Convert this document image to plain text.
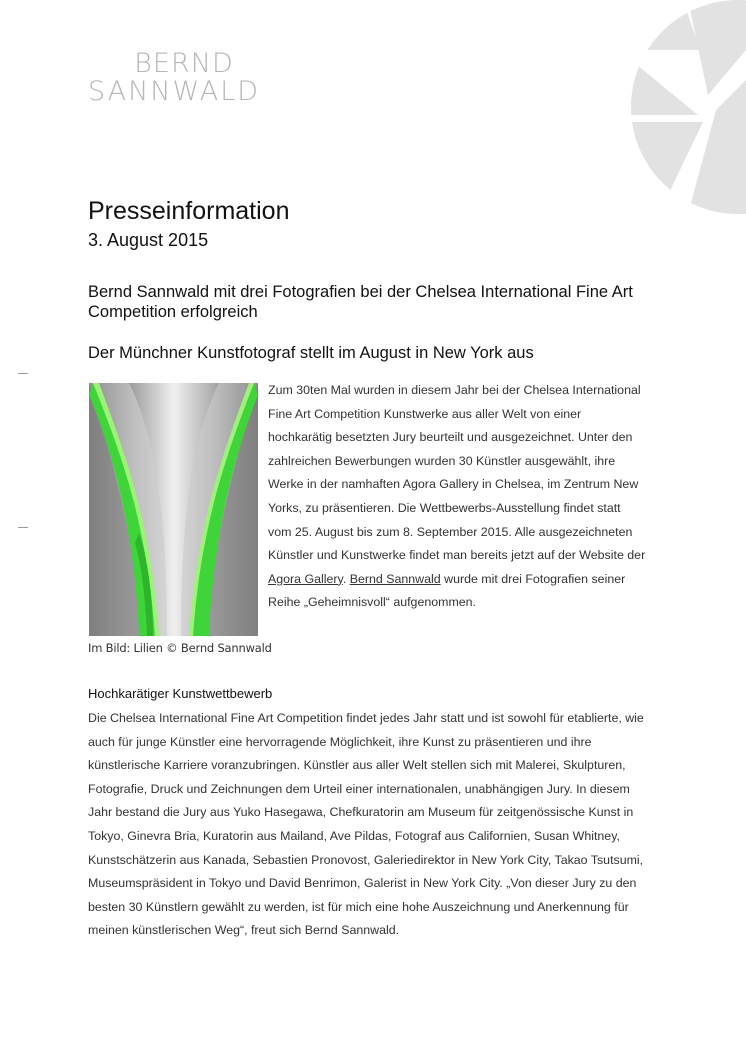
BERND
SANNWALD
Presseinformation
3. August 2015
Bernd Sannwald mit drei Fotografien bei der Chelsea International Fine Art Competition erfolgreich
Der Münchner Kunstfotograf stellt im August in New York aus
Im Bild: Lilien © Bernd Sannwald

Zum 30ten Mal wurden in diesem Jahr bei der Chelsea International Fine Art Competition Kunstwerke aus aller Welt von einer hochkarätig besetzten Jury beurteilt und ausgezeichnet. Unter den zahlreichen Bewerbungen wurden 30 Künstler ausgewählt, ihre Werke in der namhaften Agora Gallery in Chelsea, im Zentrum New Yorks, zu präsentieren. Die Wettbewerbs-Ausstellung findet statt vom 25. August bis zum 8. September 2015. Alle ausgezeichneten Künstler und Kunstwerke findet man bereits jetzt auf der Website der Agora Gallery. Bernd Sannwald wurde mit drei Fotografien seiner Reihe „Geheimnisvoll“ aufgenommen.

Hochkarätiger Kunstwettbewerb

Die Chelsea International Fine Art Competition findet jedes Jahr statt und ist sowohl für etablierte, wie auch für junge Künstler eine hervorragende Möglichkeit, ihre Kunst zu präsentieren und ihre künstlerische Karriere voranzubringen. Künstler aus aller Welt stellen sich mit Malerei, Skulpturen, Fotografie, Druck und Zeichnungen dem Urteil einer internationalen, unabhängigen Jury. In diesem Jahr bestand die Jury aus Yuko Hasegawa, Chefkuratorin am Museum für zeitgenössische Kunst in Tokyo, Ginevra Bria, Kuratorin aus Mailand, Ave Pildas, Fotograf aus Californien, Susan Whitney, Kunstschätzerin aus Kanada, Sebastien Pronovost, Galeriedirektor in New York City, Takao Tsutsumi, Museumspräsident in Tokyo und David Benrimon, Galerist in New York City. „Von dieser Jury zu den besten 30 Künstlern gewählt zu werden, ist für mich eine hohe Auszeichnung und Anerkennung für meinen künstlerischen Weg“, freut sich Bernd Sannwald.
